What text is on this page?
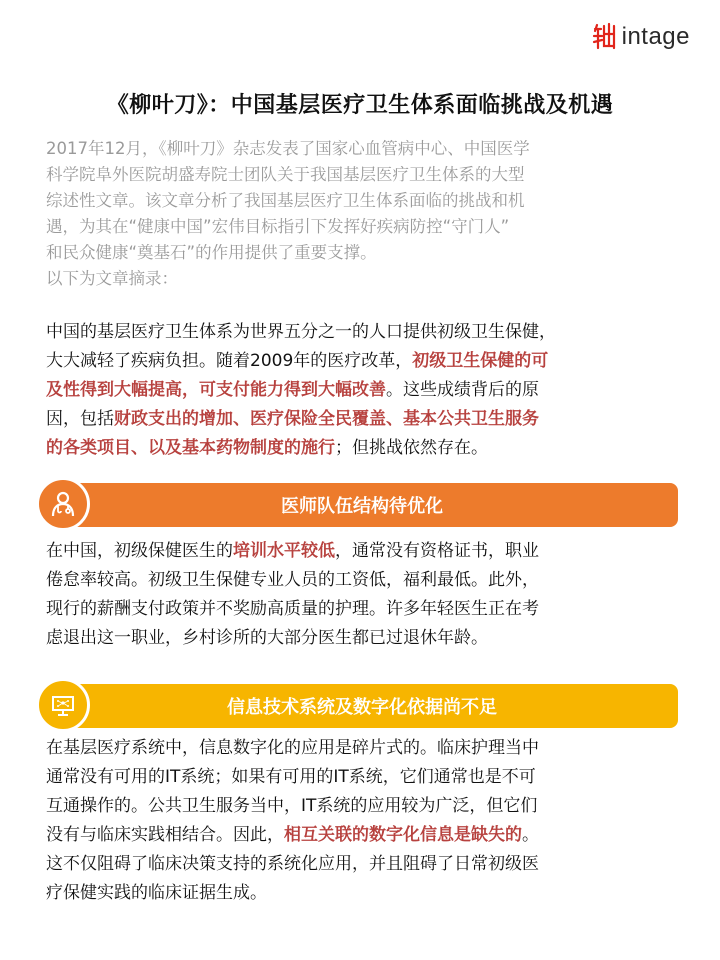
intage
《柳叶刀》：中国基层医疗卫生体系面临挑战及机遇

2017年12月，《柳叶刀》杂志发表了国家心血管病中心、中国医学

科学院阜外医院胡盛寿院士团队关于我国基层医疗卫生体系的大型

综述性文章。该文章分析了我国基层医疗卫生体系面临的挑战和机

遇，为其在“健康中国”宏伟目标指引下发挥好疾病防控“守门人”

和民众健康“奠基石”的作用提供了重要支撑。

以下为文章摘录：

中国的基层医疗卫生体系为世界五分之一的人口提供初级卫生保健，

大大减轻了疾病负担。随着2009年的医疗改革，初级卫生保健的可

及性得到大幅提高，可支付能力得到大幅改善。这些成绩背后的原

因，包括财政支出的增加、医疗保险全民覆盖、基本公共卫生服务

的各类项目、以及基本药物制度的施行；但挑战依然存在。

医师队伍结构待优化

在中国，初级保健医生的培训水平较低，通常没有资格证书，职业

倦怠率较高。初级卫生保健专业人员的工资低，福利最低。此外，

现行的薪酬支付政策并不奖励高质量的护理。许多年轻医生正在考

虑退出这一职业，乡村诊所的大部分医生都已过退休年龄。

信息技术系统及数字化依据尚不足

在基层医疗系统中，信息数字化的应用是碎片式的。临床护理当中

通常没有可用的IT系统；如果有可用的IT系统，它们通常也是不可

互通操作的。公共卫生服务当中，IT系统的应用较为广泛，但它们

没有与临床实践相结合。因此，相互关联的数字化信息是缺失的。

这不仅阻碍了临床决策支持的系统化应用，并且阻碍了日常初级医

疗保健实践的临床证据生成。
